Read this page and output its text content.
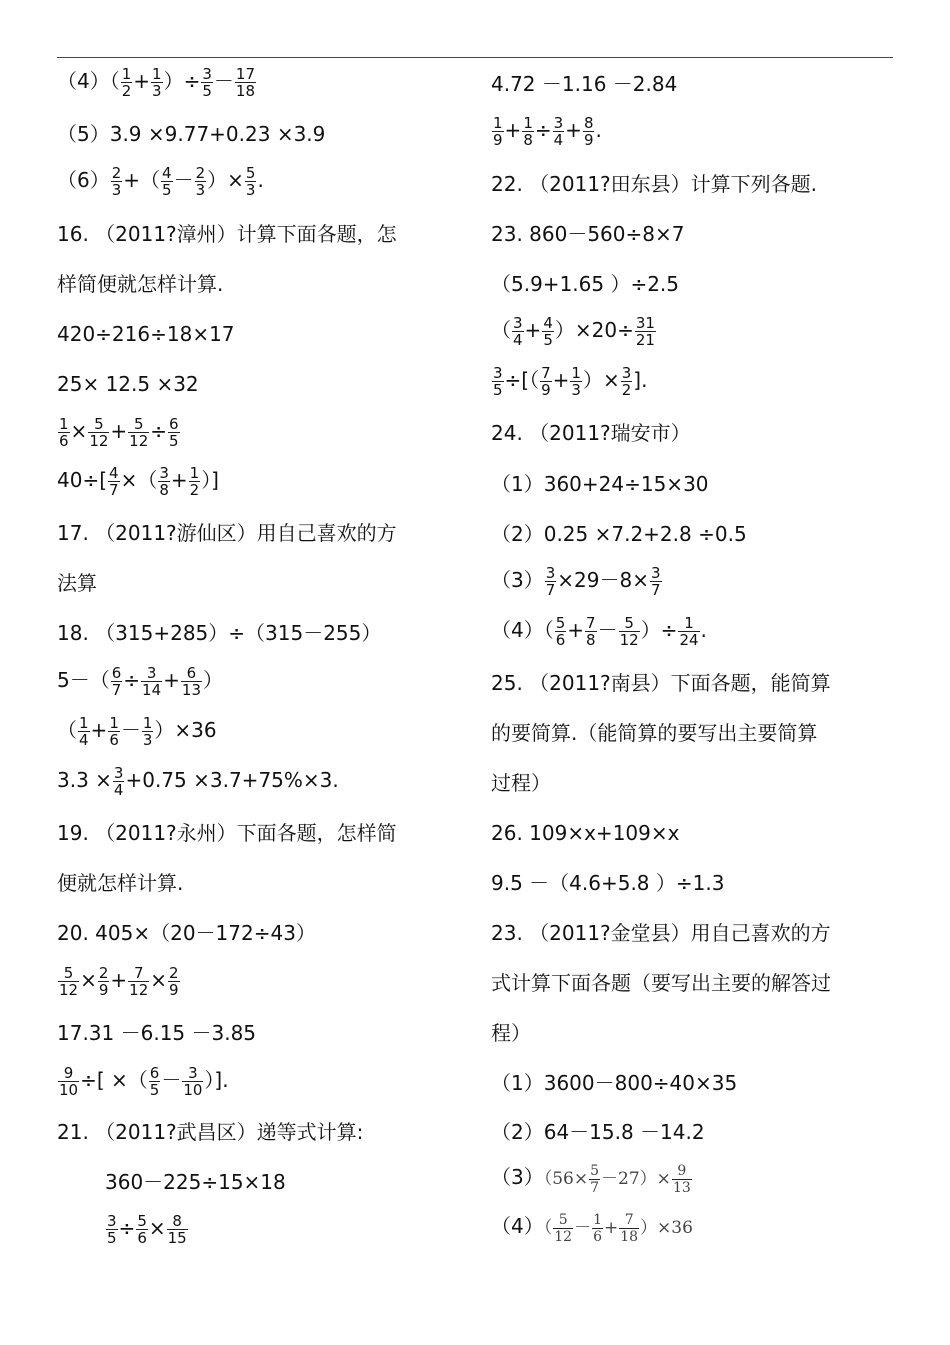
$(4)( \frac{1}{2} + \frac{1}{3}$ ）÷ $\frac{3}{5} - \frac{17}{18}$
（5）3.9 ×9.77+0.23 ×3.9
$(6) \frac{2}{3}$ +（ $\frac{4}{5} - \frac{2}{3}$ ）× $\frac{5}{3}$ .
16. （2011?漳州）计算下面各题，怎
样简便就怎样计算.
420÷216÷18×17
25× 12.5 ×32
$\frac{1}{6} \times \frac{5}{12} + \frac{5}{12} \div \frac{6}{5}$
$40\div[ \frac{4}{7}$ ×（ $\frac{3}{8} + \frac{1}{2}$ ）]
17. （2011?游仙区）用自己喜欢的方
法算
18. （315+285）÷（315－255）
$5-( \frac{6}{7} \div \frac{3}{14} + \frac{6}{13}$ ）
（ $\frac{1}{4} + \frac{1}{6} - \frac{1}{3} )\times 36$
$3.3 \times \frac{3}{4} +0.75 \times 3.7+75\%\times 3$.
19. （2011?永州）下面各题，怎样简
便就怎样计算.
20. 405×（20－172÷43）
$\frac{5}{12} \times \frac{2}{9} + \frac{7}{12} \times \frac{2}{9}$
17.31 －6.15 －3.85
$\frac{9}{10}$ ÷[ ×（ $\frac{6}{5} - \frac{3}{10}$ ）].
21. （2011?武昌区）递等式计算:
360－225÷15×18
$\frac{3}{5} \div \frac{5}{6} \times \frac{8}{15}$
4.72 －1.16 －2.84
$\frac{1}{9} + \frac{1}{8} \div \frac{3}{4} + \frac{8}{9}$ .
22. （2011?田东县）计算下列各题.
23. 860－560÷8×7
（5.9+1.65 ）÷2.5
（ $\frac{3}{4} + \frac{4}{5} )\times 20\div \frac{31}{21}$
$\frac{3}{5}$ ÷[（ $\frac{7}{9} + \frac{1}{3}$ ）× $\frac{3}{2}$ ].
24. （2011?瑞安市）
（1）360+24÷15×30
（2）0.25 ×7.2+2.8 ÷0.5
$(3) \frac{3}{7} \times 29-8\times \frac{3}{7}$
$(4)( \frac{5}{6} + \frac{7}{8} - \frac{5}{12}$ ）÷ $\frac{1}{24}$ .
25. （2011?南县）下面各题，能简算
的要简算.（能简算的要写出主要简算
过程）
26. 109×x+109×x
9.5 －（4.6+5.8 ）÷1.3
23. （2011?金堂县）用自己喜欢的方
式计算下面各题（要写出主要的解答过
程）
（1）3600－800÷40×35
（2）64－15.8 －14.2
$(3)(56\times \frac{5}{7} -27)\times \frac{9}{13}$
$(4)( \frac{5}{12} - \frac{1}{6} + \frac{7}{18} )\times 36$
